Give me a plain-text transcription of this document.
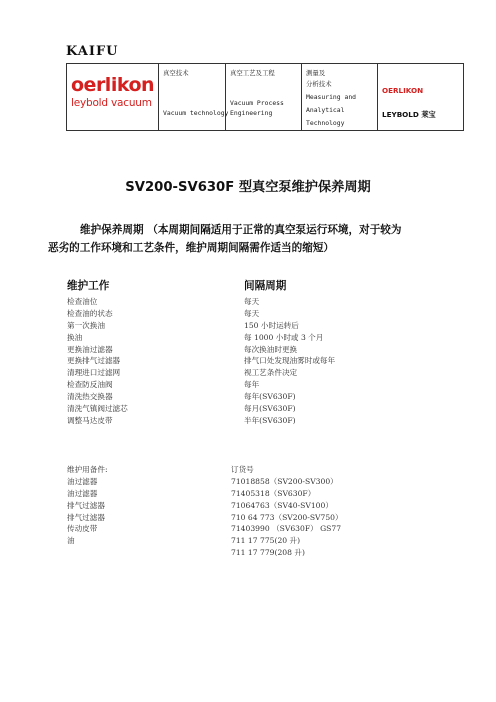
KAIFU
oerlikon
leybold vacuum
真空技术
Vacuum technology
真空工艺及工程
Vacuum Process
Engineering
测量及
分析技术
Measuring and
Analytical
Technology
OERLIKON
LEYBOLD 莱宝
SV200-SV630F 型真空泵维护保养周期
维护保养周期 （本周期间隔适用于正常的真空泵运行环境，对于较为
恶劣的工作环境和工艺条件，维护周期间隔需作适当的缩短）
维护工作	间隔周期
检查油位
检查油的状态
第一次换油
换油
更换油过滤器
更换排气过滤器
清理进口过滤网
检查防反油阀
清洗热交换器
清洗气镇阀过滤芯
调整马达皮带
每天
每天
150 小时运转后
每 1000 小时或 3 个月
每次换油时更换
排气口处发现油雾时或每年
视工艺条件决定
每年
每年(SV630F)
每月(SV630F)
半年(SV630F)
维护用备件:
油过滤器
油过滤器
排气过滤器
排气过滤器
传动皮带
油
订货号
71018858（SV200-SV300）
71405318（SV630F）
71064763（SV40-SV100）
710 64 773（SV200-SV750）
71403990 （SV630F） GS77
711 17 775(20 升)
711 17 779(208 升)
